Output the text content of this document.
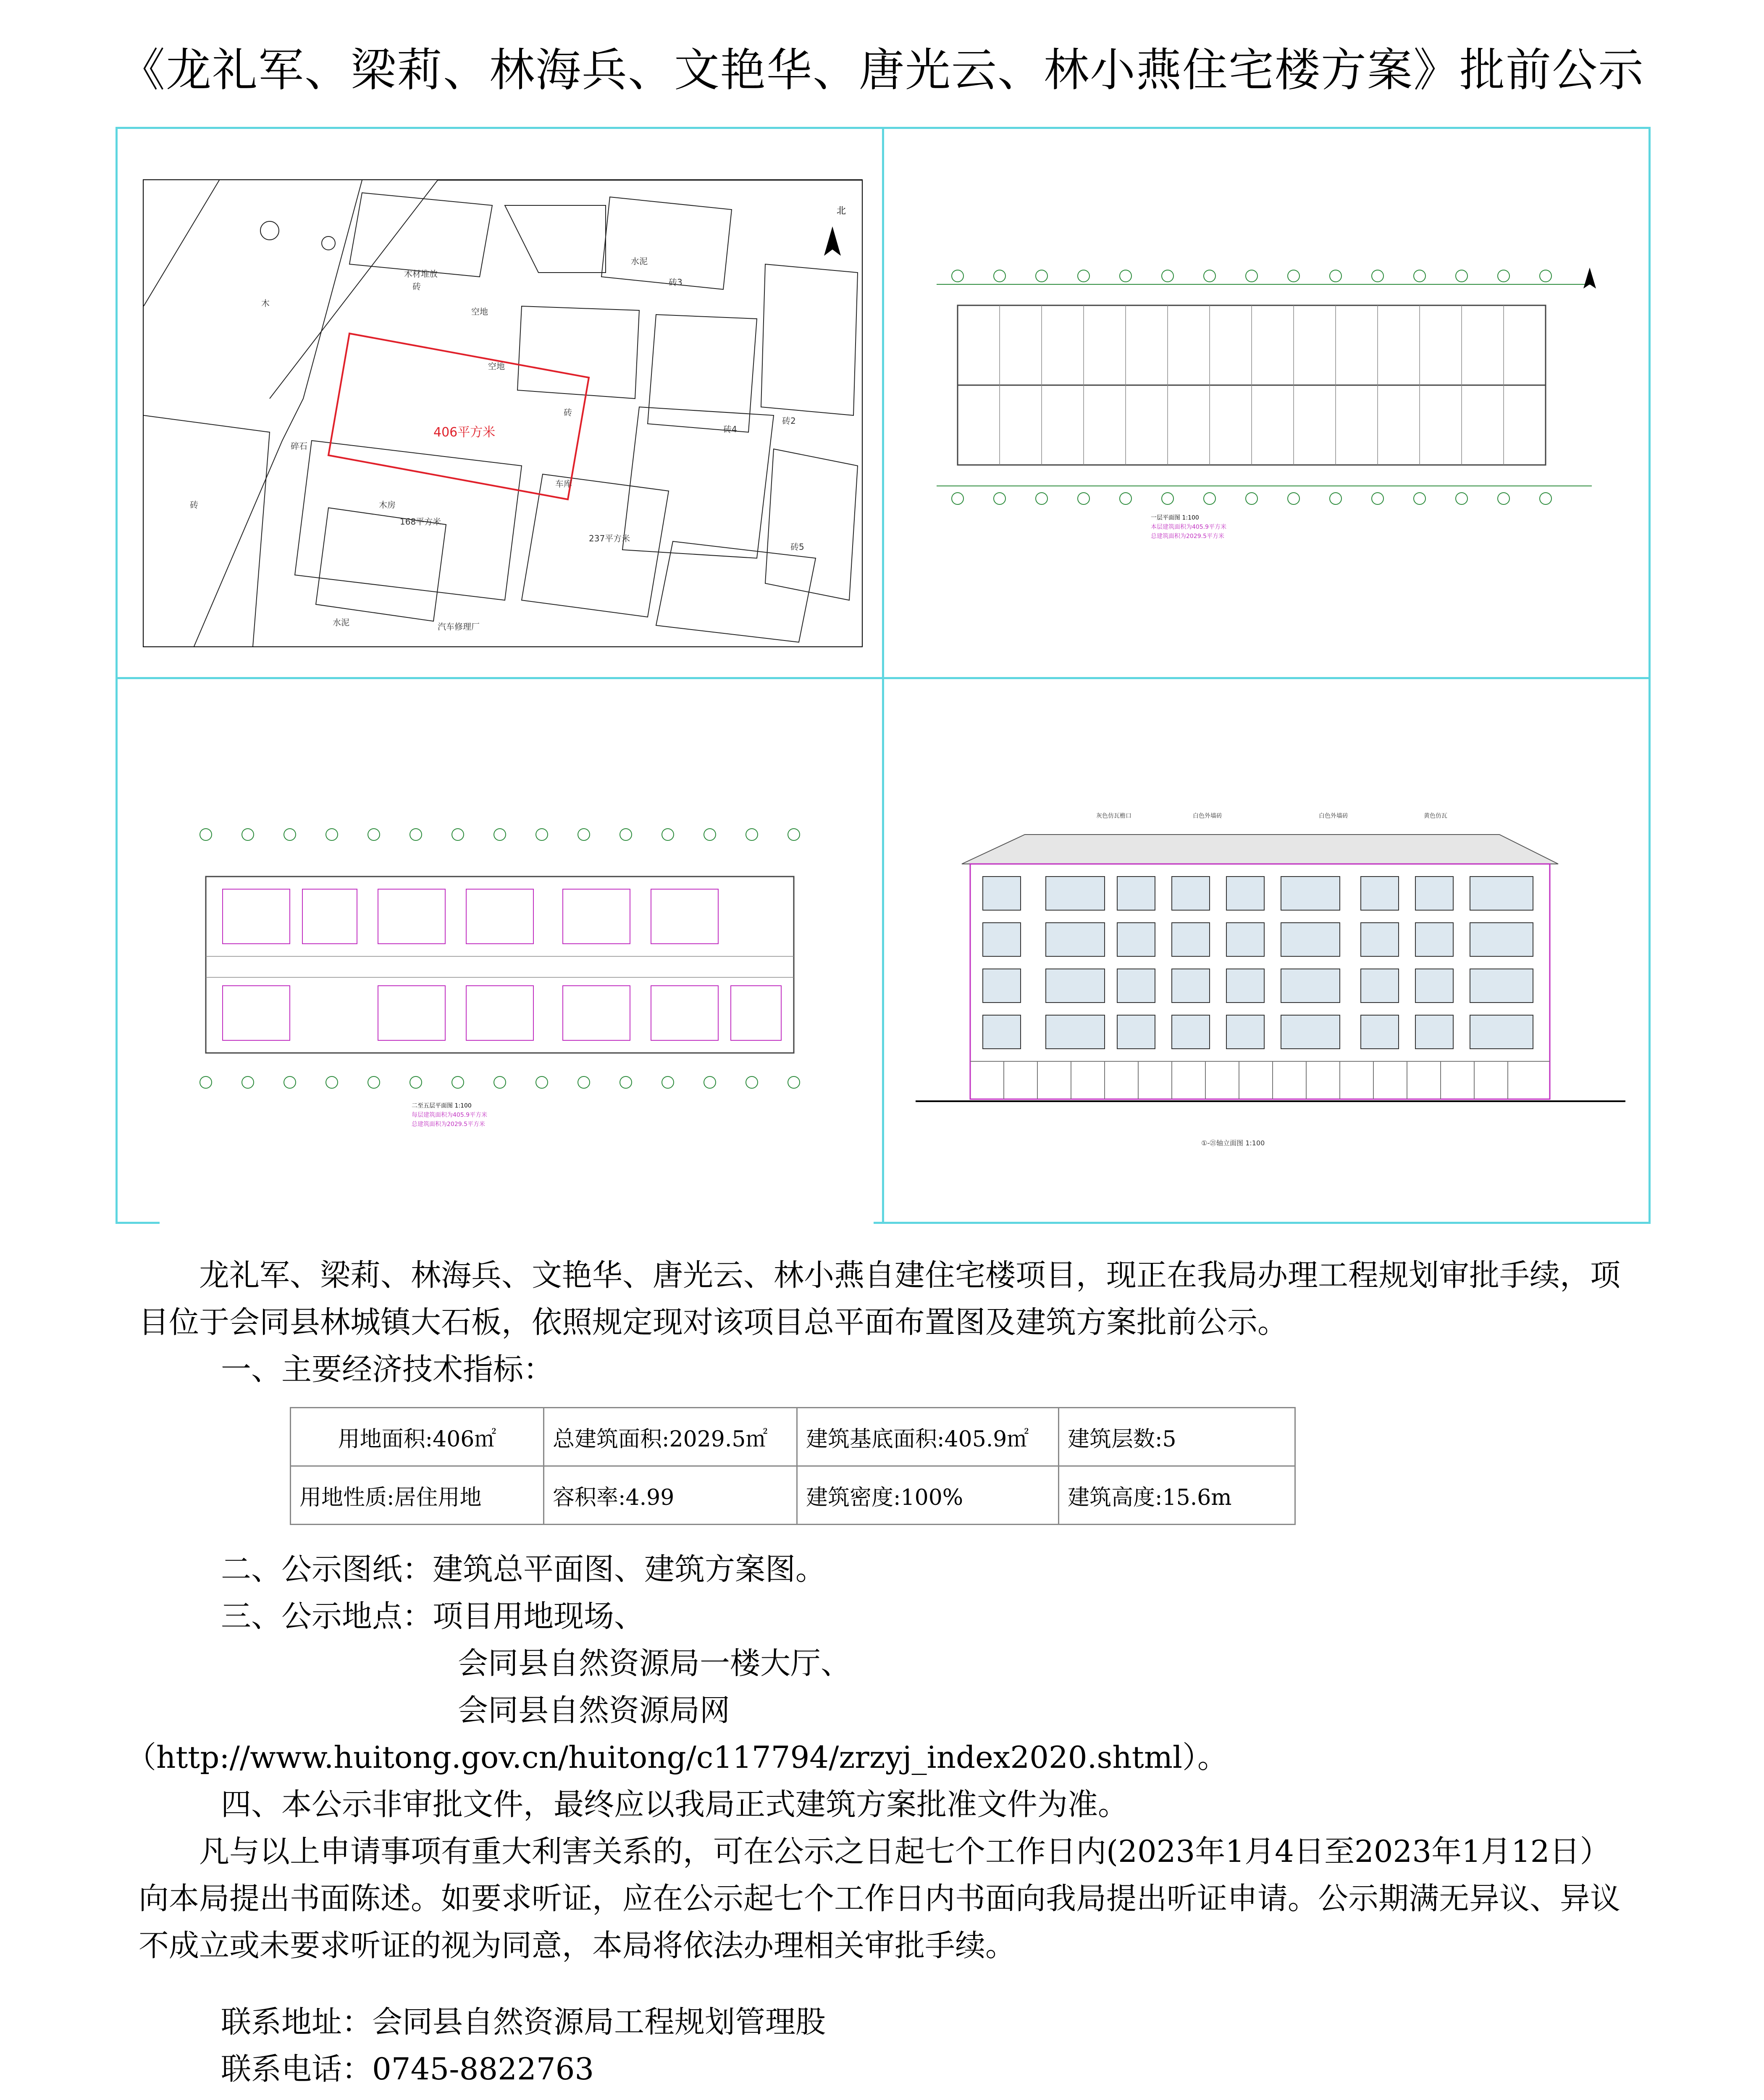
《龙礼军、梁莉、林海兵、文艳华、唐光云、林小燕住宅楼方案》批前公示
406平方米
北
砖
砖
砖
水泥
木
木材堆放
空地
空地
车库
汽车修理厂
水泥
碎石
168平方米
237平方米
木房
砖2
砖3
砖4
砖5
一层平面图 1:100
本层建筑面积为405.9平方米
总建筑面积为2029.5平方米
二至五层平面图 1:100
每层建筑面积为405.9平方米
总建筑面积为2029.5平方米
灰色仿瓦檐口	白色外墙砖	白色外墙砖	黄色仿瓦
①-㉑轴立面图 1:100

龙礼军、梁莉、林海兵、文艳华、唐光云、林小燕自建住宅楼项目，现正在我局办理工程规划审批手续，项目位于会同县林城镇大石板，依照规定现对该项目总平面布置图及建筑方案批前公示。

一、主要经济技术指标：

用地面积:406㎡	总建筑面积:2029.5㎡	建筑基底面积:405.9㎡	建筑层数:5
用地性质:居住用地	容积率:4.99	建筑密度:100%	建筑高度:15.6m

二、公示图纸：建筑总平面图、建筑方案图。

三、公示地点：项目用地现场、

会同县自然资源局一楼大厅、

会同县自然资源局网

（http://www.huitong.gov.cn/huitong/c117794/zrzyj_index2020.shtml）。

四、本公示非审批文件，最终应以我局正式建筑方案批准文件为准。

凡与以上申请事项有重大利害关系的，可在公示之日起七个工作日内(2023年1月4日至2023年1月12日）向本局提出书面陈述。如要求听证，应在公示起七个工作日内书面向我局提出听证申请。公示期满无异议、异议不成立或未要求听证的视为同意，本局将依法办理相关审批手续。

联系地址：会同县自然资源局工程规划管理股

联系电话：0745-8822763
